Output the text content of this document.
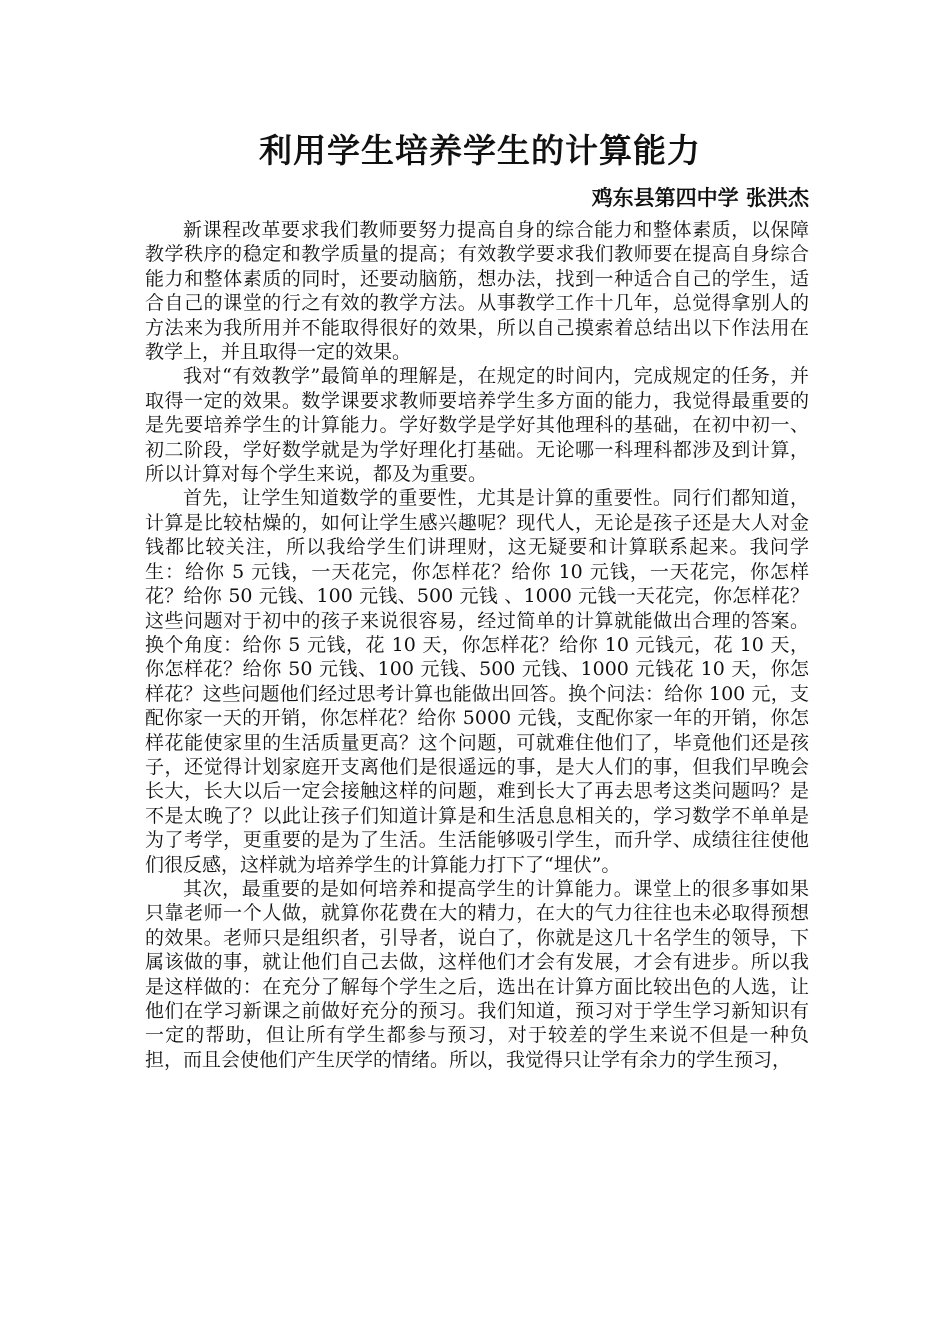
利用学生培养学生的计算能力
鸡东县第四中学 张洪杰

新课程改革要求我们教师要努力提高自身的综合能力和整体素质，以保障教学秩序的稳定和教学质量的提高；有效教学要求我们教师要在提高自身综合能力和整体素质的同时，还要动脑筋，想办法，找到一种适合自己的学生，适合自己的课堂的行之有效的教学方法。从事教学工作十几年，总觉得拿别人的方法来为我所用并不能取得很好的效果，所以自己摸索着总结出以下作法用在教学上，并且取得一定的效果。

我对“有效教学”最简单的理解是，在规定的时间内，完成规定的任务，并取得一定的效果。数学课要求教师要培养学生多方面的能力，我觉得最重要的是先要培养学生的计算能力。学好数学是学好其他理科的基础，在初中初一、初二阶段，学好数学就是为学好理化打基础。无论哪一科理科都涉及到计算，所以计算对每个学生来说，都及为重要。

首先，让学生知道数学的重要性，尤其是计算的重要性。同行们都知道，计算是比较枯燥的，如何让学生感兴趣呢？现代人，无论是孩子还是大人对金钱都比较关注，所以我给学生们讲理财，这无疑要和计算联系起来。我问学生：给你 5 元钱，一天花完，你怎样花？给你 10 元钱，一天花完，你怎样花？给你 50 元钱、100 元钱、500 元钱 、1000 元钱一天花完，你怎样花？这些问题对于初中的孩子来说很容易，经过简单的计算就能做出合理的答案。换个角度：给你 5 元钱，花 10 天，你怎样花？给你 10 元钱元，花 10 天，你怎样花？给你 50 元钱、100 元钱、500 元钱、1000 元钱花 10 天，你怎样花？这些问题他们经过思考计算也能做出回答。换个问法：给你 100 元，支配你家一天的开销，你怎样花？给你 5000 元钱，支配你家一年的开销，你怎样花能使家里的生活质量更高？这个问题，可就难住他们了，毕竟他们还是孩子，还觉得计划家庭开支离他们是很遥远的事，是大人们的事，但我们早晚会长大，长大以后一定会接触这样的问题，难到长大了再去思考这类问题吗？是不是太晚了？以此让孩子们知道计算是和生活息息相关的，学习数学不单单是为了考学，更重要的是为了生活。生活能够吸引学生，而升学、成绩往往使他们很反感，这样就为培养学生的计算能力打下了“埋伏”。

其次，最重要的是如何培养和提高学生的计算能力。课堂上的很多事如果只靠老师一个人做，就算你花费在大的精力，在大的气力往往也未必取得预想的效果。老师只是组织者，引导者，说白了，你就是这几十名学生的领导，下属该做的事，就让他们自己去做，这样他们才会有发展，才会有进步。所以我是这样做的：在充分了解每个学生之后，选出在计算方面比较出色的人选，让他们在学习新课之前做好充分的预习。我们知道，预习对于学生学习新知识有一定的帮助，但让所有学生都参与预习，对于较差的学生来说不但是一种负担，而且会使他们产生厌学的情绪。所以，我觉得只让学有余力的学生预习，
